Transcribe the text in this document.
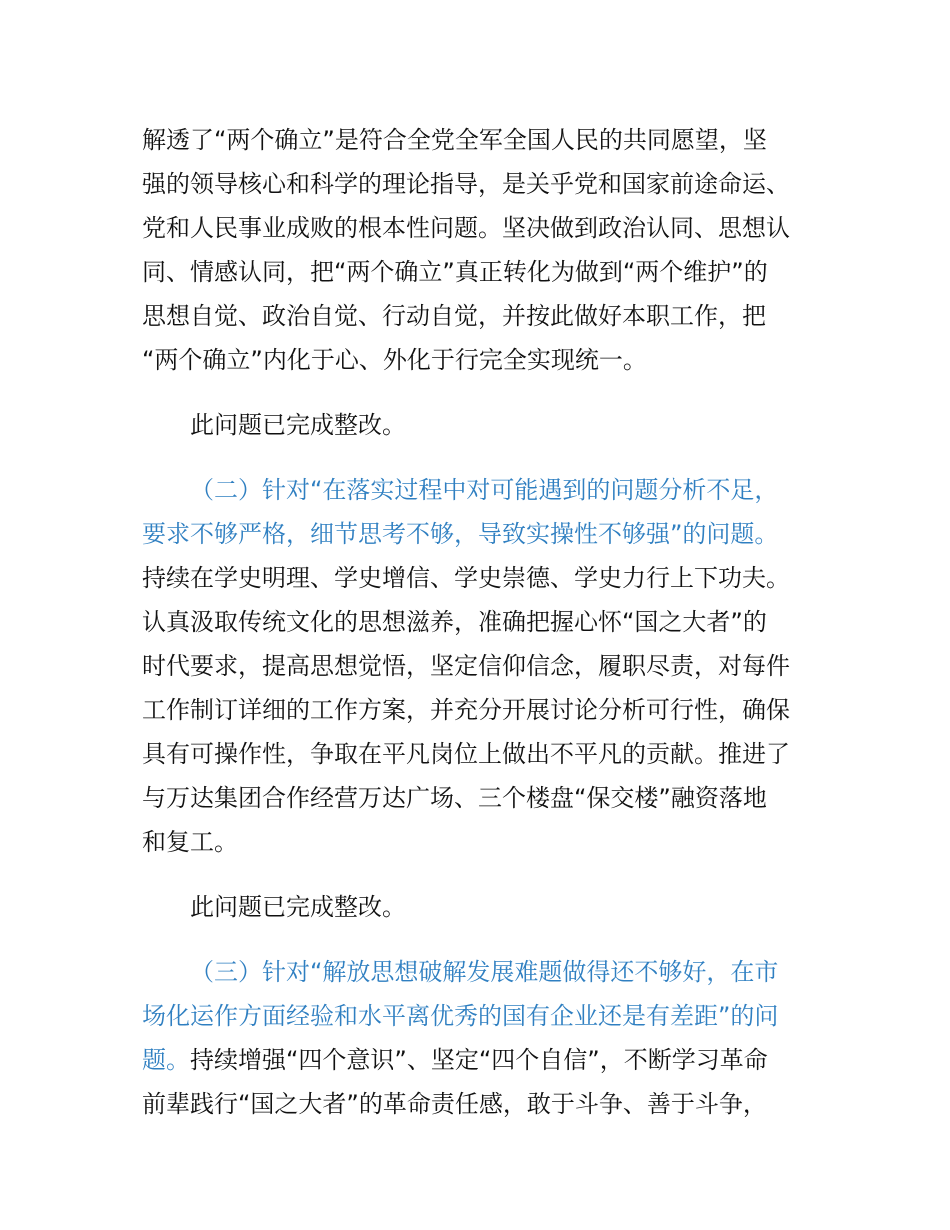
解透了“两个确立”是符合全党全军全国人民的共同愿望，坚
强的领导核心和科学的理论指导，是关乎党和国家前途命运、
党和人民事业成败的根本性问题。坚决做到政治认同、思想认
同、情感认同，把“两个确立”真正转化为做到“两个维护”的
思想自觉、政治自觉、行动自觉，并按此做好本职工作，把
“两个确立”内化于心、外化于行完全实现统一。
此问题已完成整改。
（二）针对“在落实过程中对可能遇到的问题分析不足，
要求不够严格，细节思考不够，导致实操性不够强”的问题。
持续在学史明理、学史增信、学史崇德、学史力行上下功夫。
认真汲取传统文化的思想滋养，准确把握心怀“国之大者”的
时代要求，提高思想觉悟，坚定信仰信念，履职尽责，对每件
工作制订详细的工作方案，并充分开展讨论分析可行性，确保
具有可操作性，争取在平凡岗位上做出不平凡的贡献。推进了
与万达集团合作经营万达广场、三个楼盘“保交楼”融资落地
和复工。
此问题已完成整改。
（三）针对“解放思想破解发展难题做得还不够好，在市
场化运作方面经验和水平离优秀的国有企业还是有差距”的问
题。持续增强“四个意识”、坚定“四个自信”，不断学习革命
前辈践行“国之大者”的革命责任感，敢于斗争、善于斗争，
